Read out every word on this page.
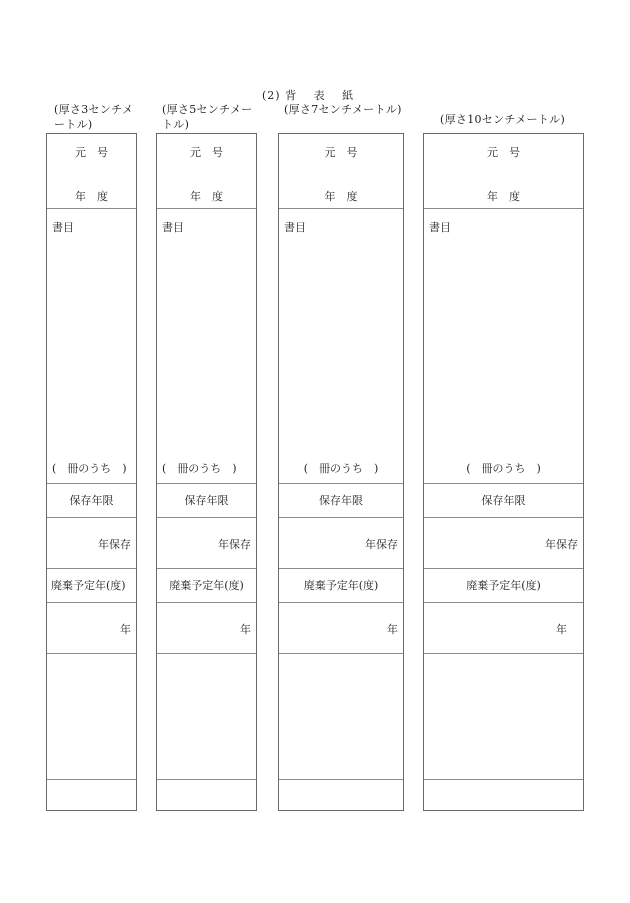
(2) 背　 表 　紙
(厚さ3センチメートル)
(厚さ5センチメートル)
(厚さ7センチメートル)
(厚さ10センチメートル)
元　号
年　度
書目
(　冊のうち　)
保存年限
年保存
廃棄予定年(度)
年
元　号
年　度
書目
(　冊のうち　)
保存年限
年保存
廃棄予定年(度)
年
元　号
年　度
書目
(　冊のうち　)
保存年限
年保存
廃棄予定年(度)
年
元　号
年　度
書目
(　冊のうち　)
保存年限
年保存
廃棄予定年(度)
年
